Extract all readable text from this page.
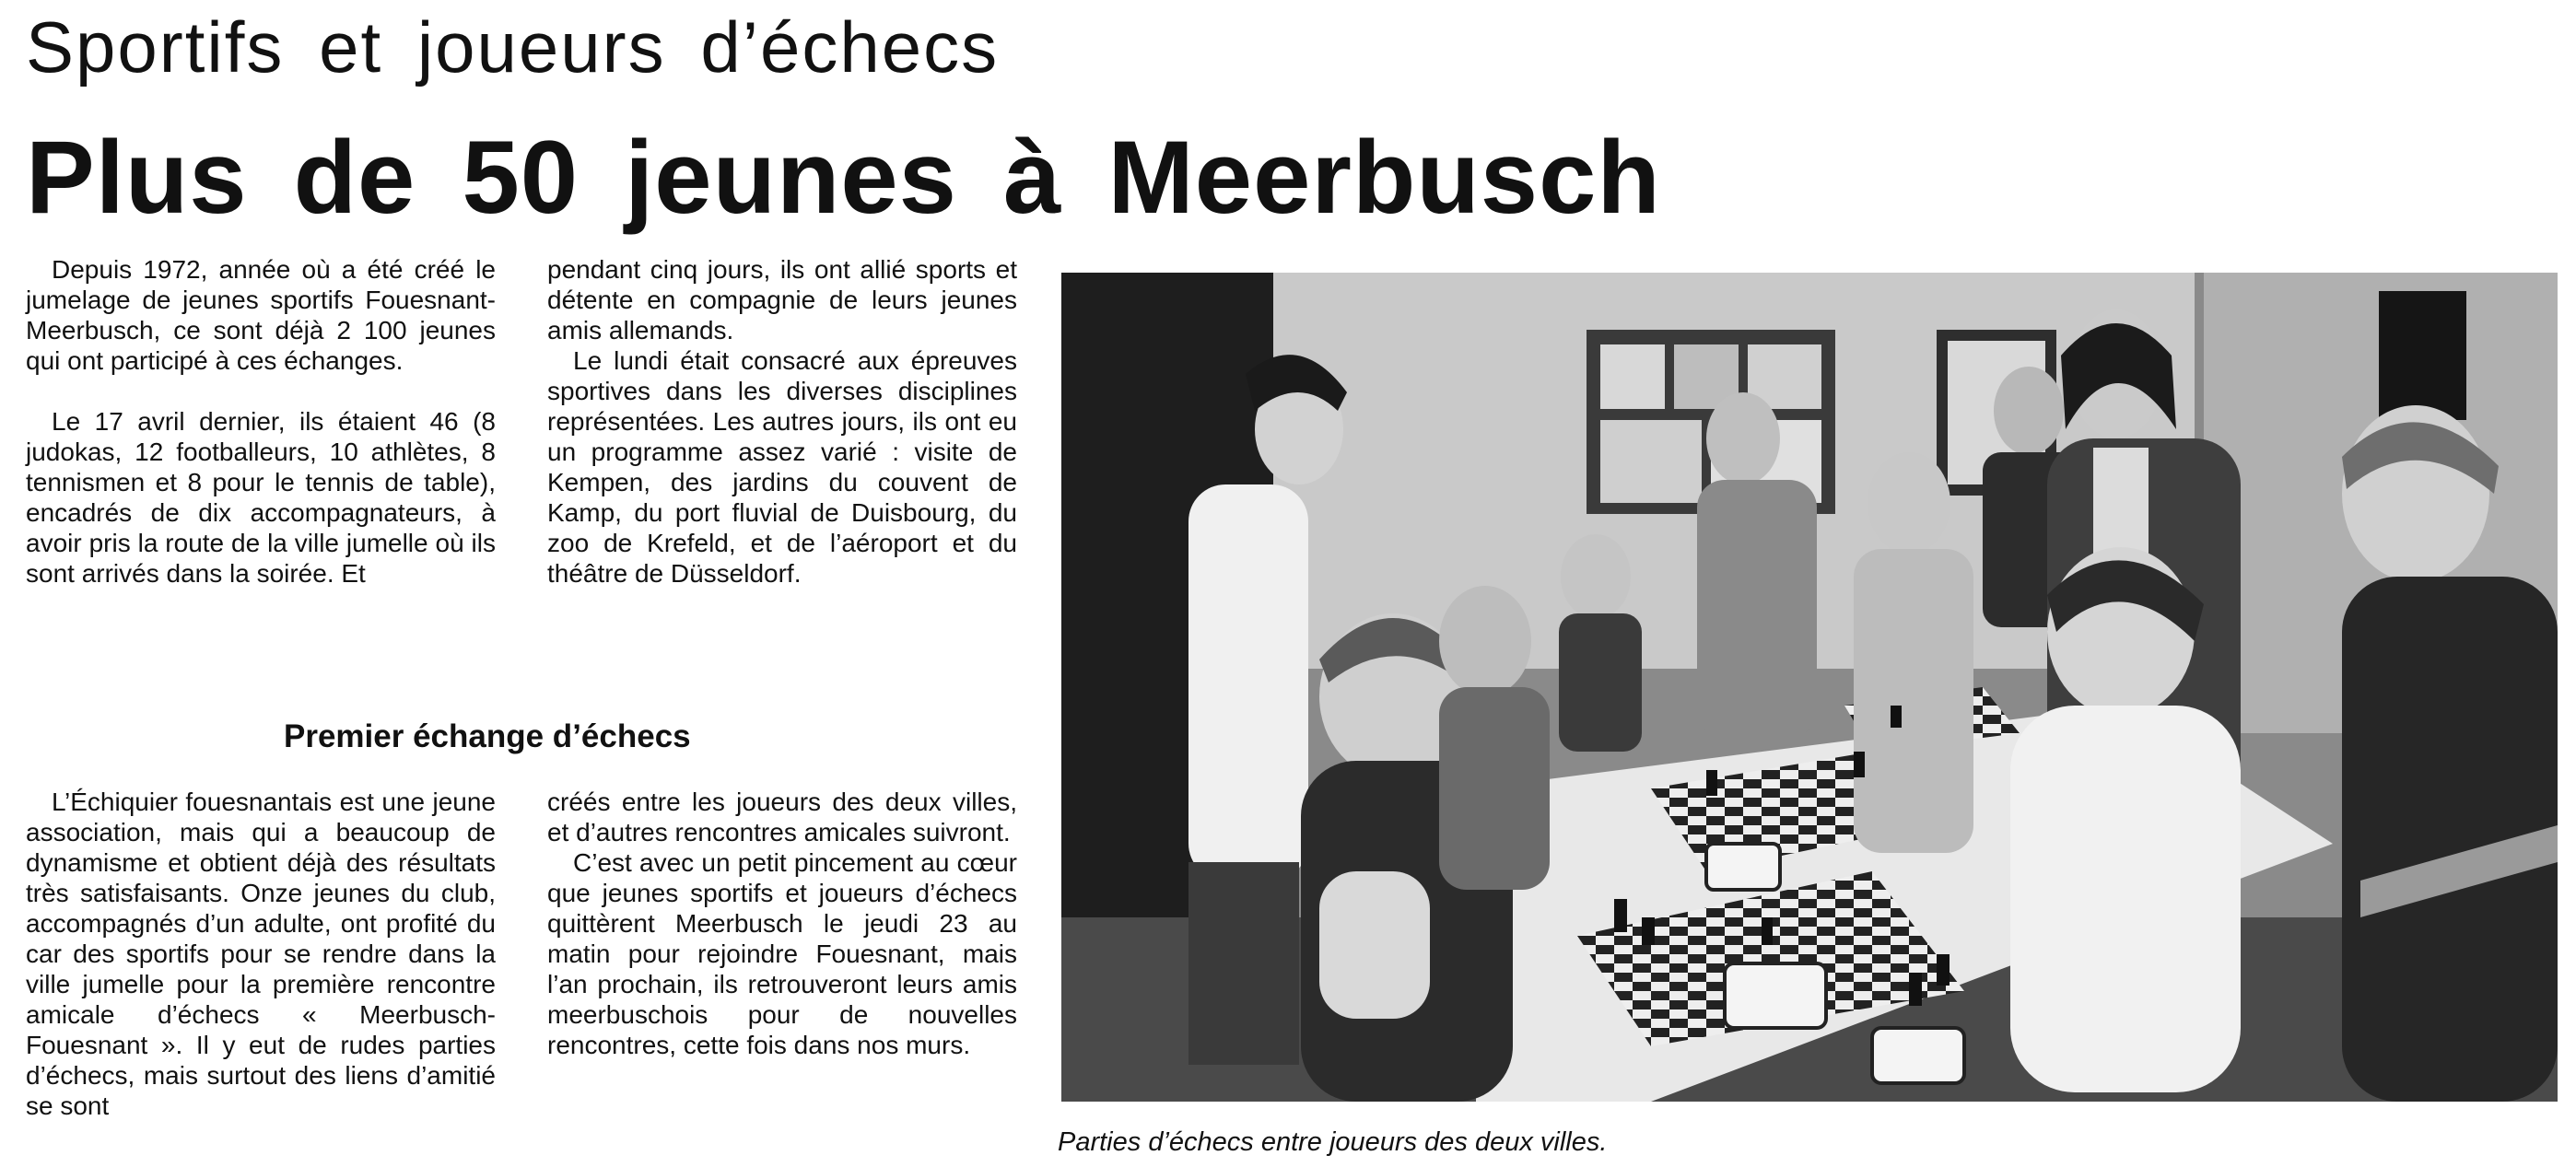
Sportifs et joueurs d’échecs
Plus de 50 jeunes à Meerbusch

Depuis 1972, année où a été créé le jumelage de jeunes sportifs Fouesnant-Meerbusch, ce sont déjà 2 100 jeunes qui ont participé à ces échanges.

Le 17 avril dernier, ils étaient 46 (8 judokas, 12 footballeurs, 10 athlètes, 8 tennismen et 8 pour le tennis de table), encadrés de dix accompagnateurs, à avoir pris la route de la ville jumelle où ils sont arrivés dans la soirée. Et

pendant cinq jours, ils ont allié sports et détente en compagnie de leurs jeunes amis allemands.

Le lundi était consacré aux épreuves sportives dans les diverses disciplines représentées. Les autres jours, ils ont eu un programme assez varié : visite de Kempen, des jardins du couvent de Kamp, du port fluvial de Duisbourg, du zoo de Krefeld, et de l’aéroport et du théâtre de Düsseldorf.

Premier échange d’échecs

L’Échiquier fouesnantais est une jeune association, mais qui a beaucoup de dynamisme et obtient déjà des résultats très satisfaisants. Onze jeunes du club, accompagnés d’un adulte, ont profité du car des sportifs pour se rendre dans la ville jumelle pour la première rencontre amicale d’échecs « Meerbusch-Fouesnant ». Il y eut de rudes parties d’échecs, mais surtout des liens d’amitié se sont

créés entre les joueurs des deux villes, et d’autres rencontres amicales suivront.

C’est avec un petit pincement au cœur que jeunes sportifs et joueurs d’échecs quittèrent Meerbusch le jeudi 23 au matin pour rejoindre Fouesnant, mais l’an prochain, ils retrouveront leurs amis meerbuschois pour de nouvelles rencontres, cette fois dans nos murs.

Parties d’échecs entre joueurs des deux villes.
